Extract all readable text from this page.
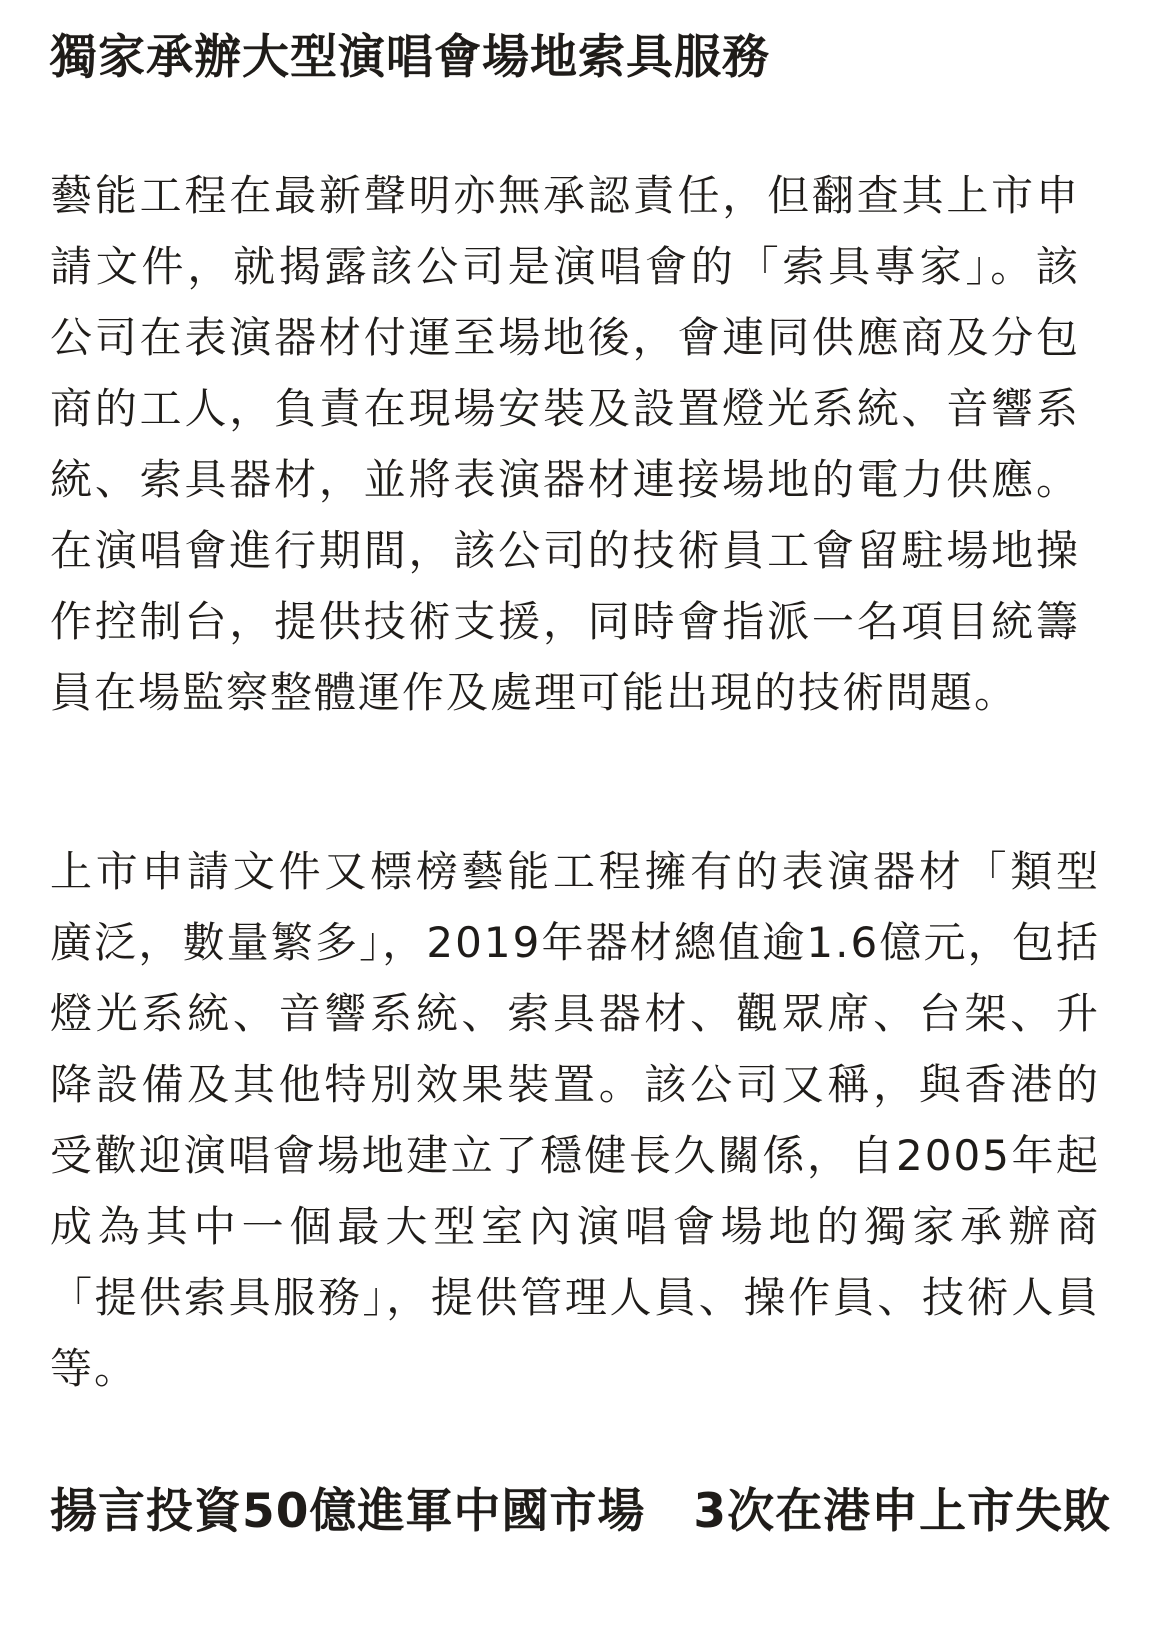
獨家承辦大型演唱會場地索具服務

藝能工程在最新聲明亦無承認責任，但翻查其上市申請文件，就揭露該公司是演唱會的「索具專家」。該公司在表演器材付運至場地後，會連同供應商及分包商的工人，負責在現場安裝及設置燈光系統、音響系統、索具器材，並將表演器材連接場地的電力供應。在演唱會進行期間，該公司的技術員工會留駐場地操作控制台，提供技術支援，同時會指派一名項目統籌員在場監察整體運作及處理可能出現的技術問題。

上市申請文件又標榜藝能工程擁有的表演器材「類型廣泛，數量繁多」，2019年器材總值逾1.6億元，包括燈光系統、音響系統、索具器材、觀眾席、台架、升降設備及其他特別效果裝置。該公司又稱，與香港的受歡迎演唱會場地建立了穩健長久關係，自2005年起成為其中一個最大型室內演唱會場地的獨家承辦商「提供索具服務」，提供管理人員、操作員、技術人員等。

揚言投資50億進軍中國市場　3次在港申上市失敗
